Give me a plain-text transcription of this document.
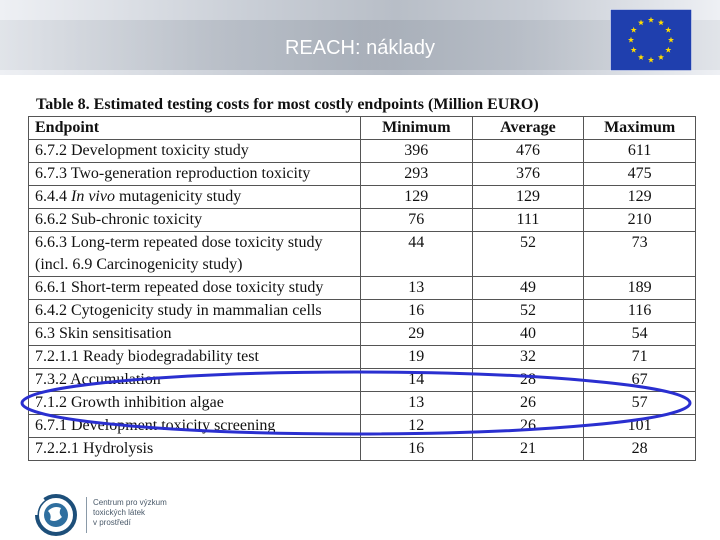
REACH: náklady
Table 8. Estimated testing costs for most costly endpoints (Million EURO)
Endpoint	Minimum	Average	Maximum
6.7.2 Development toxicity study	396	476	611
6.7.3 Two-generation reproduction toxicity	293	376	475
6.4.4 In vivo mutagenicity study	129	129	129
6.6.2 Sub-chronic toxicity	76	111	210

6.6.3 Long-term repeated dose toxicity study
(incl. 6.9 Carcinogenicity study)	44	52	73
6.6.1 Short-term repeated dose toxicity study	13	49	189
6.4.2 Cytogenicity study in mammalian cells	16	52	116
6.3 Skin sensitisation	29	40	54
7.2.1.1 Ready biodegradability test	19	32	71
7.3.2 Accumulation	14	28	67
7.1.2 Growth inhibition algae	13	26	57
6.7.1 Development toxicity screening	12	26	101
7.2.2.1 Hydrolysis	16	21	28
Centrum pro výzkum
toxických látek
v prostředí
